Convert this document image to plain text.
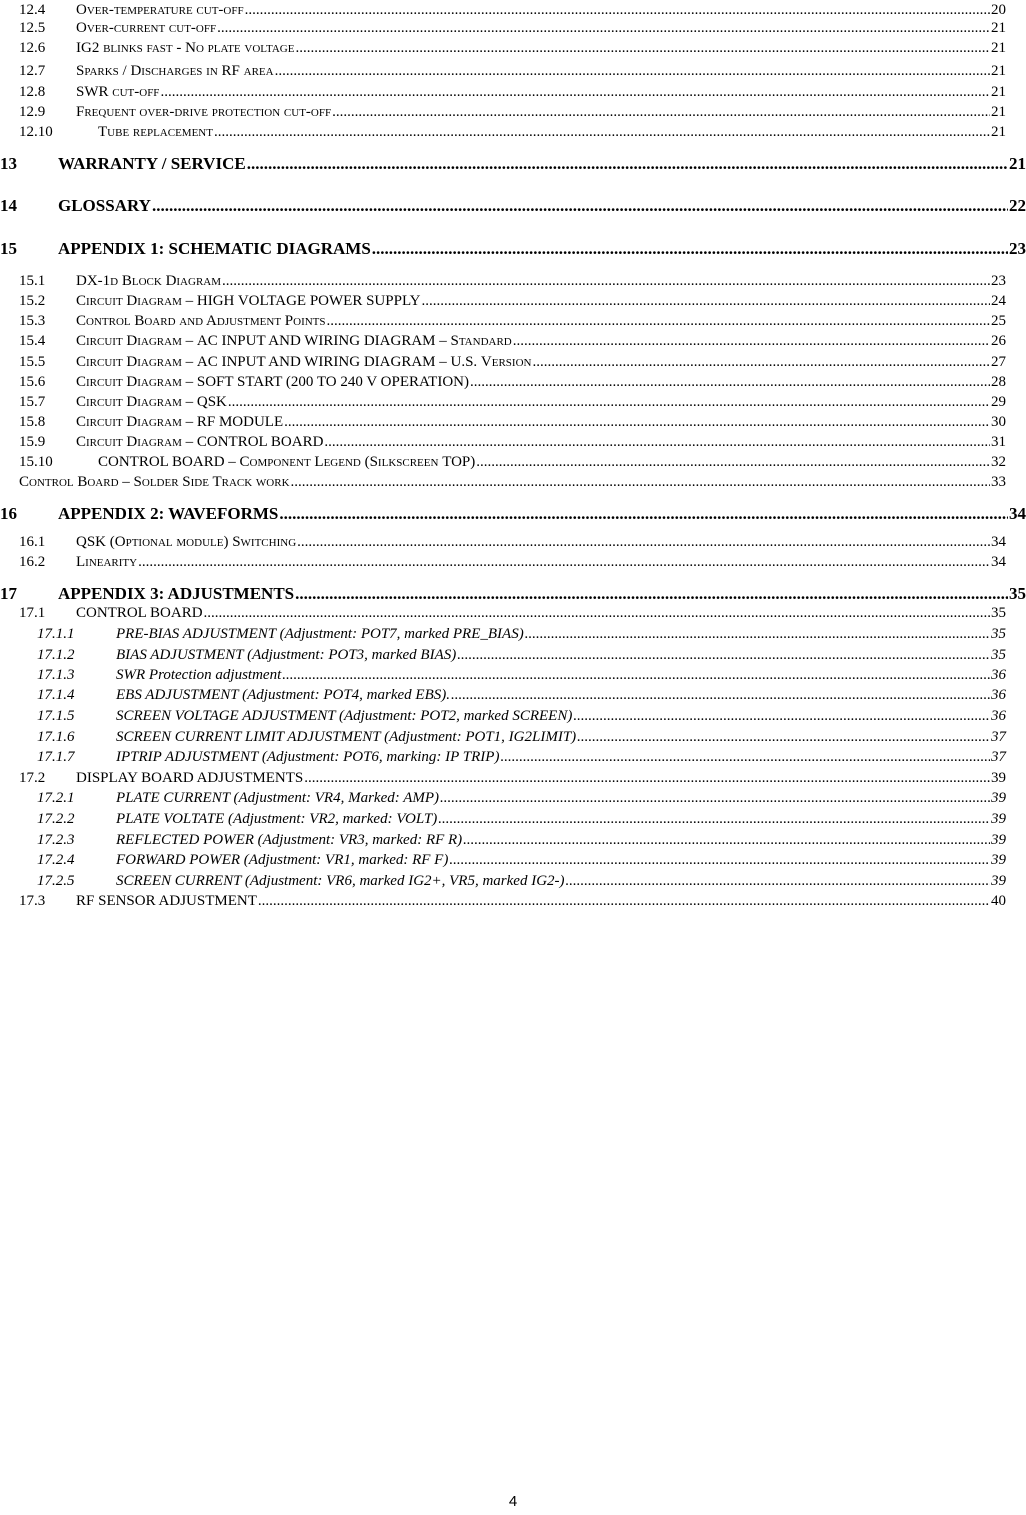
12.4	Over-temperature cut-off .....	20
12.5	Over-current cut-off .....	21
12.6	IG2 blinks fast - No plate voltage .....	21
12.7	Sparks / Discharges in RF area .....	21
12.8	SWR cut-off .....	21
12.9	Frequent over-drive protection cut-off .....	21
12.10	Tube replacement .....	21
13	WARRANTY / SERVICE .....	21
14	GLOSSARY .....	22
15	APPENDIX 1: SCHEMATIC DIAGRAMS .....	23
15.1	DX-1d Block Diagram .....	23
15.2	Circuit Diagram – HIGH VOLTAGE POWER SUPPLY .....	24
15.3	Control Board and Adjustment Points .....	25
15.4	Circuit Diagram – AC INPUT AND WIRING DIAGRAM – Standard .....	26
15.5	Circuit Diagram – AC INPUT AND WIRING DIAGRAM – U.S. Version .....	27
15.6	Circuit Diagram – SOFT START (200 TO 240 V OPERATION) .....	28
15.7	Circuit Diagram – QSK .....	29
15.8	Circuit Diagram – RF MODULE .....	30
15.9	Circuit Diagram – CONTROL BOARD .....	31
15.10	CONTROL BOARD – Component Legend (Silkscreen TOP) .....	32
Control Board – Solder Side Track work .....	33
16	APPENDIX 2: WAVEFORMS .....	34
16.1	QSK (Optional module) Switching .....	34
16.2	Linearity .....	34
17	APPENDIX 3: ADJUSTMENTS .....	35
17.1	CONTROL BOARD .....	35
17.1.1	PRE-BIAS ADJUSTMENT (Adjustment: POT7, marked PRE_BIAS) .....	35
17.1.2	BIAS ADJUSTMENT (Adjustment: POT3, marked BIAS) .....	35
17.1.3	SWR Protection adjustment .....	36
17.1.4	EBS ADJUSTMENT (Adjustment: POT4, marked EBS). .....	36
17.1.5	SCREEN VOLTAGE ADJUSTMENT (Adjustment: POT2, marked SCREEN) .....	36
17.1.6	SCREEN CURRENT LIMIT ADJUSTMENT (Adjustment: POT1, IG2LIMIT) .....	37
17.1.7	IPTRIP ADJUSTMENT (Adjustment: POT6, marking: IP TRIP) .....	37
17.2	DISPLAY BOARD ADJUSTMENTS .....	39
17.2.1	PLATE CURRENT (Adjustment: VR4, Marked: AMP) .....	39
17.2.2	PLATE VOLTATE (Adjustment: VR2, marked: VOLT) .....	39
17.2.3	REFLECTED POWER (Adjustment: VR3, marked: RF R) .....	39
17.2.4	FORWARD POWER (Adjustment: VR1, marked: RF F) .....	39
17.2.5	SCREEN CURRENT (Adjustment: VR6, marked IG2+, VR5, marked IG2-) .....	39
17.3	RF SENSOR ADJUSTMENT .....	40
4
